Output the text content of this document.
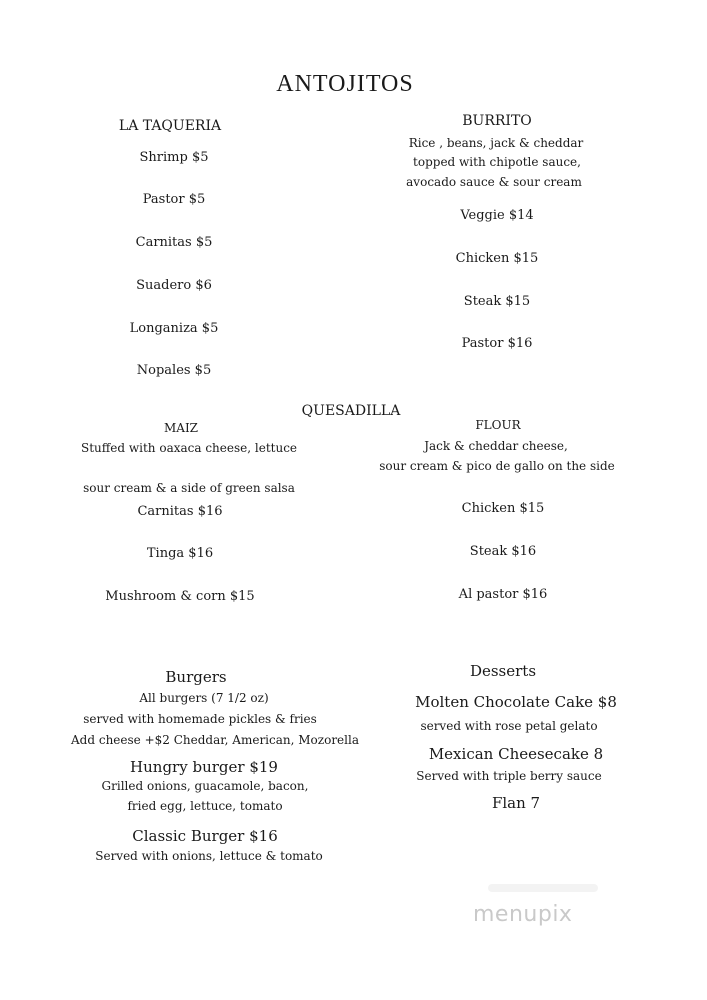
ANTOJITOS
LA TAQUERIA
Shrimp $5
Pastor $5
Carnitas $5
Suadero $6
Longaniza $5
Nopales $5
BURRITO
Rice , beans, jack & cheddar
topped with chipotle sauce,
avocado sauce & sour cream
Veggie $14
Chicken $15
Steak $15
Pastor $16
QUESADILLA
MAIZ
Stuffed with oaxaca cheese, lettuce
sour cream & a side of green salsa
Carnitas $16
Tinga $16
Mushroom & corn $15
FLOUR
Jack & cheddar cheese,
sour cream & pico de gallo on the side
Chicken $15
Steak $16
Al pastor $16
Burgers
All burgers (7 1/2 oz)
served with homemade pickles & fries
Add cheese +$2 Cheddar, American, Mozorella
Hungry burger $19
Grilled onions, guacamole, bacon,
fried egg, lettuce, tomato
Classic Burger $16
Served with onions, lettuce & tomato
Desserts
Molten Chocolate Cake $8
served with rose petal gelato
Mexican Cheesecake 8
Served with triple berry sauce
Flan 7
menupix
